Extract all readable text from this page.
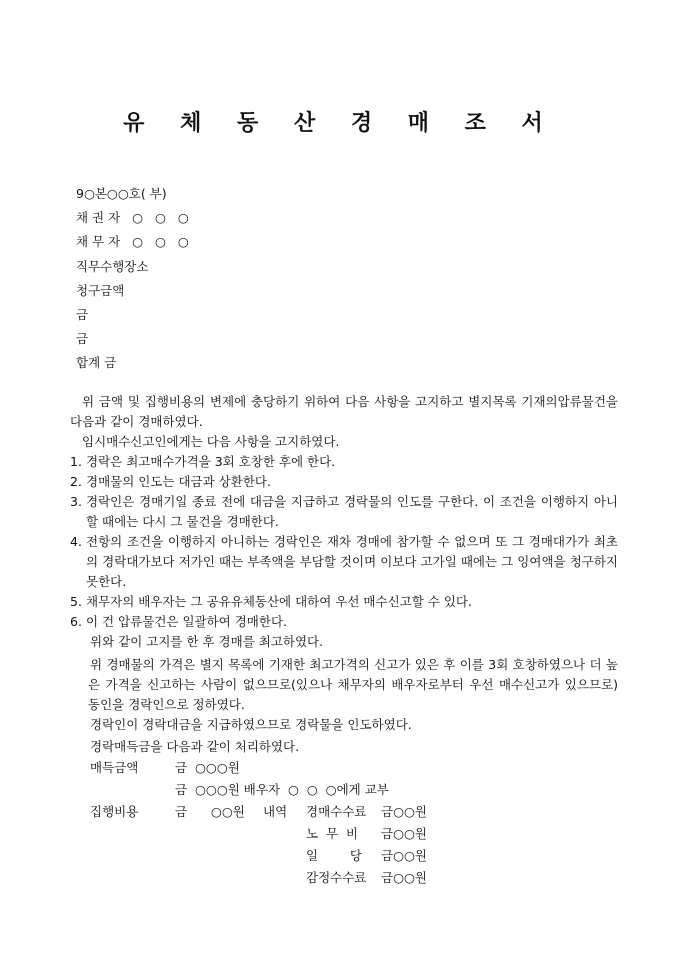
유 체 동 산 경 매 조 서
9○본○○호( 부)
채 권 자 ○   ○   ○
채 무 자 ○   ○   ○
직무수행장소
청구금액
금
금
합계 금
위 금액 및 집행비용의 변제에 충당하기 위하여 다음 사항을 고지하고 별지목록 기재의압류물건을 다음과 같이 경매하였다.
임시매수신고인에게는 다음 사항을 고지하였다.
1. 경락은 최고매수가격을 3회 호창한 후에 한다.
2. 경매물의 인도는 대금과 상환한다.
3. 경락인은 경매기일 종료 전에 대금을 지급하고 경락물의 인도를 구한다. 이 조건을 이행하지 아니할 때에는 다시 그 물건을 경매한다.
4. 전항의 조건을 이행하지 아니하는 경락인은 재차 경매에 참가할 수 없으며 또 그 경매대가가 최초의 경락대가보다 저가인 때는 부족액을 부담할 것이며 이보다 고가일 때에는 그 잉여액을 청구하지 못한다.
5. 채무자의 배우자는 그 공유유체동산에 대하여 우선 매수신고할 수 있다.
6. 이 건 압류물건은 일괄하여 경매한다.
위와 같이 고지를 한 후 경매를 최고하였다.
위 경매물의 가격은 별지 목록에 기재한 최고가격의 신고가 있은 후 이를 3회 호창하였으나 더 높은 가격을 신고하는 사람이 없으므로(있으나 채무자의 배우자로부터 우선 매수신고가 있으므로) 동인을 경락인으로 정하였다.
경락인이 경락대금을 지급하였으므로 경락물을 인도하였다.
경락매득금을 다음과 같이 처리하였다.
매득금액	금  ○○○원
금  ○○○원 배우자  ○  ○  ○에게 교부
집행비용	금      ○○원 내역 경매수수료 금○○원
노  무  비 금○○원
일        당 금○○원
감정수수료 금○○원
